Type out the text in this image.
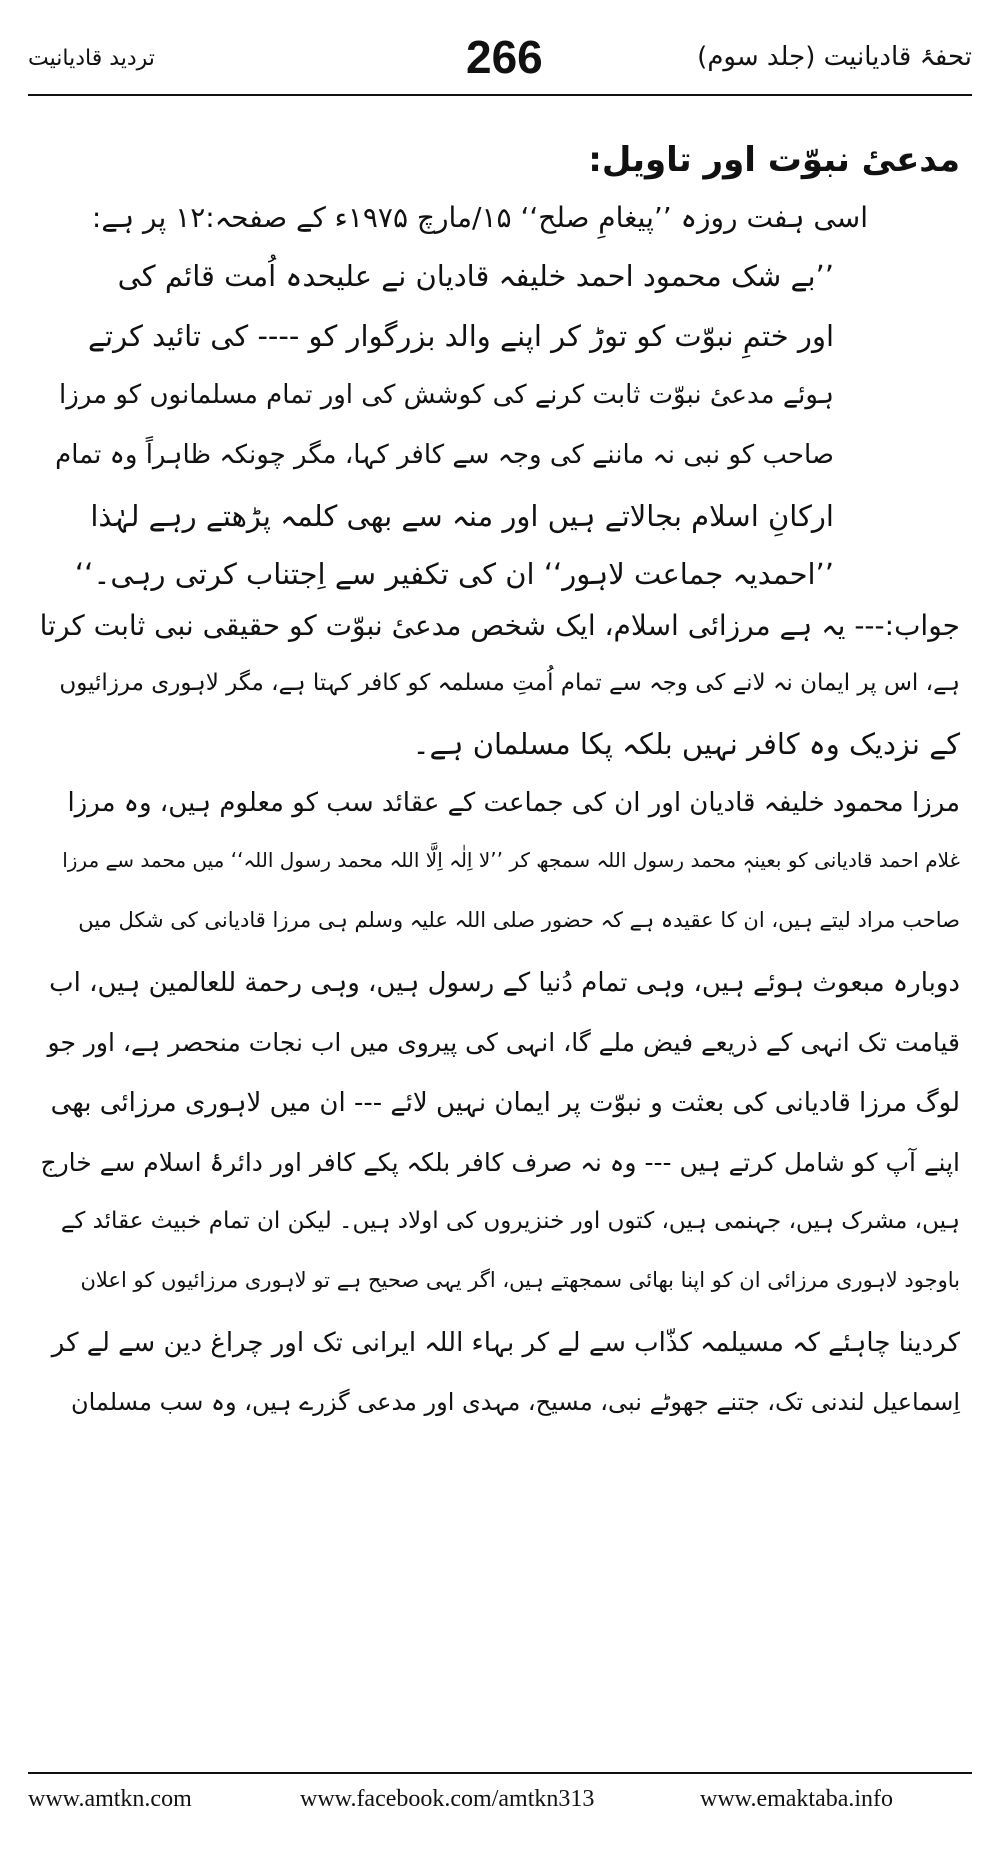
تردید قادیانیت	266	تحفۂ قادیانیت (جلد سوم)
مدعیٔ نبوّت اور تاویل:
اسی ہفت روزہ ’’پیغامِ صلح‘‘ ۱۵/مارچ ۱۹۷۵ء کے صفحہ:۱۲ پر ہے:
’’بے شک محمود احمد خلیفہ قادیان نے علیحدہ اُمت قائم کی
اور ختمِ نبوّت کو توڑ کر اپنے والد بزرگوار کو ---- کی تائید کرتے
ہوئے مدعیٔ نبوّت ثابت کرنے کی کوشش کی اور تمام مسلمانوں کو مرزا
صاحب کو نبی نہ ماننے کی وجہ سے کافر کہا، مگر چونکہ ظاہراً وہ تمام
ارکانِ اسلام بجالاتے ہیں اور منہ سے بھی کلمہ پڑھتے رہے لہٰذا
’’احمدیہ جماعت لاہور‘‘ ان کی تکفیر سے اِجتناب کرتی رہی۔‘‘
جواب:--- یہ ہے مرزائی اسلام، ایک شخص مدعیٔ نبوّت کو حقیقی نبی ثابت کرتا
ہے، اس پر ایمان نہ لانے کی وجہ سے تمام اُمتِ مسلمہ کو کافر کہتا ہے، مگر لاہوری مرزائیوں
کے نزدیک وہ کافر نہیں بلکہ پکا مسلمان ہے۔
مرزا محمود خلیفہ قادیان اور ان کی جماعت کے عقائد سب کو معلوم ہیں، وہ مرزا
غلام احمد قادیانی کو بعینہٖ محمد رسول اللہ سمجھ کر ’’لا اِلٰہ اِلَّا اللہ محمد رسول اللہ‘‘ میں محمد سے مرزا
صاحب مراد لیتے ہیں، ان کا عقیدہ ہے کہ حضور صلی اللہ علیہ وسلم ہی مرزا قادیانی کی شکل میں
دوبارہ مبعوث ہوئے ہیں، وہی تمام دُنیا کے رسول ہیں، وہی رحمة للعالمین ہیں، اب
قیامت تک انہی کے ذریعے فیض ملے گا، انہی کی پیروی میں اب نجات منحصر ہے، اور جو
لوگ مرزا قادیانی کی بعثت و نبوّت پر ایمان نہیں لائے --- ان میں لاہوری مرزائی بھی
اپنے آپ کو شامل کرتے ہیں --- وہ نہ صرف کافر بلکہ پکے کافر اور دائرۂ اسلام سے خارج
ہیں، مشرک ہیں، جہنمی ہیں، کتوں اور خنزیروں کی اولاد ہیں۔ لیکن ان تمام خبیث عقائد کے
باوجود لاہوری مرزائی ان کو اپنا بھائی سمجھتے ہیں، اگر یہی صحیح ہے تو لاہوری مرزائیوں کو اعلان
کردینا چاہئے کہ مسیلمہ کذّاب سے لے کر بہاء اللہ ایرانی تک اور چراغ دین سے لے کر
اِسماعیل لندنی تک، جتنے جھوٹے نبی، مسیح، مہدی اور مدعی گزرے ہیں، وہ سب مسلمان
www.amtkn.com	www.facebook.com/amtkn313	www.emaktaba.info
